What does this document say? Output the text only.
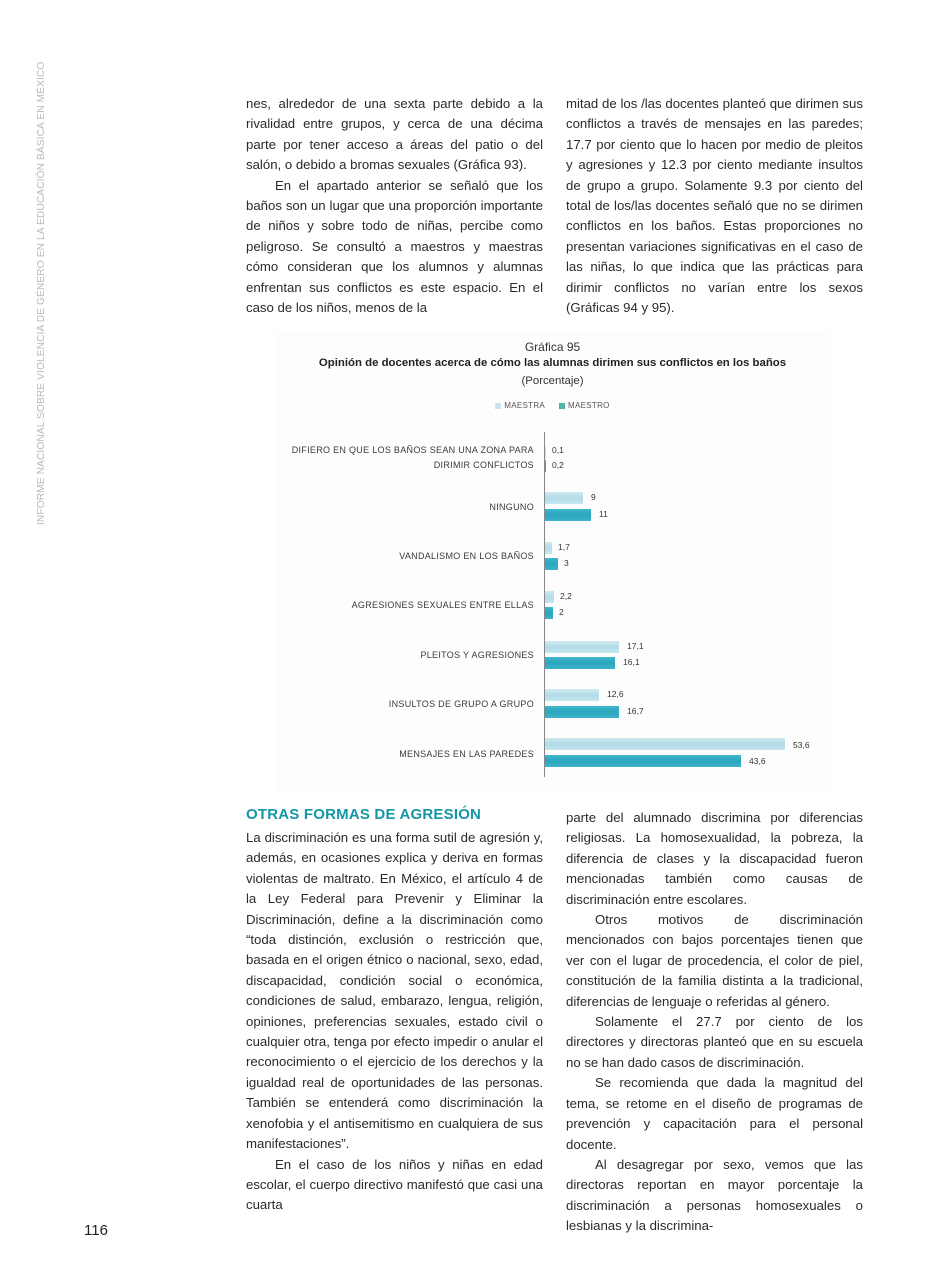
INFORME NACIONAL SOBRE VIOLENCIA DE GÉNERO EN LA EDUCACIÓN BÁSICA EN MÉXICO	nes, alrededor de una sexta parte debido a la rivalidad entre grupos, y cerca de una décima parte por tener acceso a áreas del patio o del salón, o debido a bromas sexuales (Gráfica 93).

En el apartado anterior se señaló que los baños son un lugar que una proporción importante de niños y sobre todo de niñas, percibe como peligroso. Se consultó a maestros y maestras cómo consideran que los alumnos y alumnas enfrentan sus conflictos es este espacio. En el caso de los niños, menos de la

mitad de los /las docentes planteó que dirimen sus conflictos a través de mensajes en las paredes; 17.7 por ciento que lo hacen por medio de pleitos y agresiones y 12.3 por ciento mediante insultos de grupo a grupo. Solamente 9.3 por ciento del total de los/las docentes señaló que no se dirimen conflictos en los baños. Estas proporciones no presentan variaciones significativas en el caso de las niñas, lo que indica que las prácticas para dirimir conflictos no varían entre los sexos (Gráficas 94 y 95).

Gráfica 95
Opinión de docentes acerca de cómo las alumnas dirimen sus conflictos en los baños
(Porcentaje)
MAESTRA	MAESTRO
DIFIERO EN QUE LOS BAÑOS SEAN UNA ZONA PARA
DIRIMIR CONFLICTOS
0,1
0,2
NINGUNO
9
11
VANDALISMO EN LOS BAÑOS
1,7
3
AGRESIONES SEXUALES ENTRE ELLAS
2,2
2
PLEITOS Y AGRESIONES
17,1
16,1
INSULTOS DE GRUPO A GRUPO
12,6
16,7
MENSAJES EN LAS PAREDES
53,6
43,6
OTRAS FORMAS DE AGRESIÓN

La discriminación es una forma sutil de agresión y, además, en ocasiones explica y deriva en formas violentas de maltrato. En México, el artículo 4 de la Ley Federal para Prevenir y Eliminar la Discriminación, define a la discriminación como “toda distinción, exclusión o restricción que, basada en el origen étnico o nacional, sexo, edad, discapacidad, condición social o económica, condiciones de salud, embarazo, lengua, religión, opiniones, preferencias sexuales, estado civil o cualquier otra, tenga por efecto impedir o anular el reconocimiento o el ejercicio de los derechos y la igualdad real de oportunidades de las personas. También se entenderá como discriminación la xenofobia y el antisemitismo en cualquiera de sus manifestaciones”.

En el caso de los niños y niñas en edad escolar, el cuerpo directivo manifestó que casi una cuarta

parte del alumnado discrimina por diferencias religiosas. La homosexualidad, la pobreza, la diferencia de clases y la discapacidad fueron mencionadas también como causas de discriminación entre escolares.

Otros motivos de discriminación mencionados con bajos porcentajes tienen que ver con el lugar de procedencia, el color de piel, constitución de la familia distinta a la tradicional, diferencias de lenguaje o referidas al género.

Solamente el 27.7 por ciento de los directores y directoras planteó que en su escuela no se han dado casos de discriminación.

Se recomienda que dada la magnitud del tema, se retome en el diseño de programas de prevención y capacitación para el personal docente.

Al desagregar por sexo, vemos que las directoras reportan en mayor porcentaje la discriminación a personas homosexuales o lesbianas y la discrimina-

116
